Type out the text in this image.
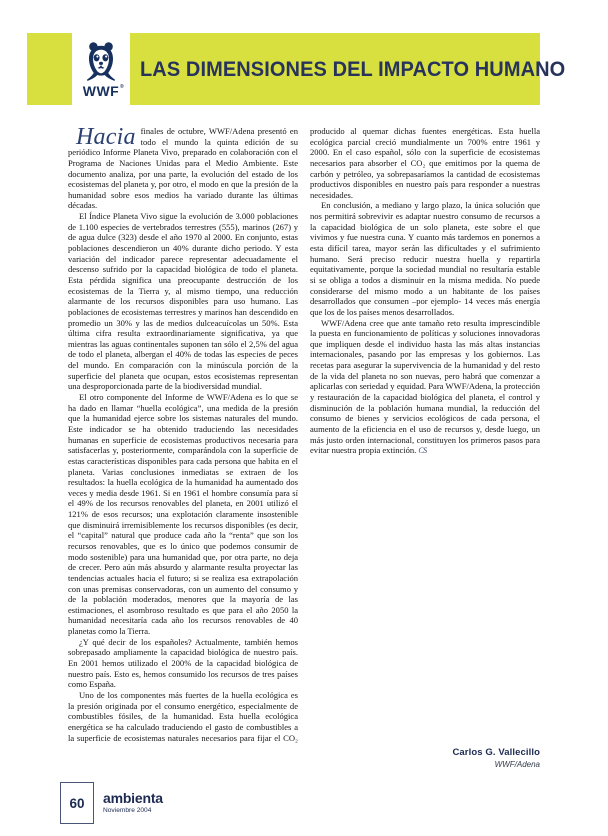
WWF ®
LAS DIMENSIONES DEL IMPACTO HUMANO

Hacia finales de octubre, WWF/Adena presentó en todo el mundo la quinta edición de su periódico Informe Planeta Vivo, preparado en colaboración con el Programa de Naciones Unidas para el Medio Ambiente. Este documento analiza, por una parte, la evolución del estado de los ecosistemas del planeta y, por otro, el modo en que la presión de la humanidad sobre esos medios ha variado durante las últimas décadas.

El Índice Planeta Vivo sigue la evolución de 3.000 poblaciones de 1.100 especies de vertebrados terrestres (555), marinos (267) y de agua dulce (323) desde el año 1970 al 2000. En conjunto, estas poblaciones descendieron un 40% durante dicho periodo. Y esta variación del indicador parece representar adecuadamente el descenso sufrido por la capacidad biológica de todo el planeta. Esta pérdida significa una preocupante destrucción de los ecosistemas de la Tierra y, al mismo tiempo, una reducción alarmante de los recursos disponibles para uso humano. Las poblaciones de ecosistemas terrestres y marinos han descendido en promedio un 30% y las de medios dulceacuícolas un 50%. Esta última cifra resulta extraordinariamente significativa, ya que mientras las aguas continentales suponen tan sólo el 2,5% del agua de todo el planeta, albergan el 40% de todas las especies de peces del mundo. En comparación con la minúscula porción de la superficie del planeta que ocupan, estos ecosistemas representan una desproporcionada parte de la biodiversidad mundial.

El otro componente del Informe de WWF/Adena es lo que se ha dado en llamar “huella ecológica”, una medida de la presión que la humanidad ejerce sobre los sistemas naturales del mundo. Este indicador se ha obtenido traduciendo las necesidades humanas en superficie de ecosistemas productivos necesaria para satisfacerlas y, posteriormente, comparándola con la superficie de estas características disponibles para cada persona que habita en el planeta. Varias conclusiones inmediatas se extraen de los resultados: la huella ecológica de la humanidad ha aumentado dos veces y media desde 1961. Si en 1961 el hombre consumía para sí el 49% de los recursos renovables del planeta, en 2001 utilizó el 121% de esos recursos; una explotación claramente insostenible que disminuirá irremisiblemente los recursos disponibles (es decir, el “capital” natural que produce cada año la “renta” que son los recursos renovables, que es lo único que podemos consumir de modo sostenible) para una humanidad que, por otra parte, no deja de crecer. Pero aún más absurdo y alarmante resulta proyectar las tendencias actuales hacia el futuro; si se realiza esa extrapolación con unas premisas conservadoras, con un aumento del consumo y de la población moderados, menores que la mayoría de las estimaciones, el asombroso resultado es que para el año 2050 la humanidad necesitaría cada año los recursos renovables de 40 planetas como la Tierra.

¿Y qué decir de los españoles? Actualmente, también hemos sobrepasado ampliamente la capacidad biológica de nuestro país. En 2001 hemos utilizado el 200% de la capacidad biológica de nuestro país. Esto es, hemos consumido los recursos de tres países como España.

Uno de los componentes más fuertes de la huella ecológica es la presión originada por el consumo energético, especialmente de combustibles fósiles, de la humanidad. Esta huella ecológica energética se ha calculado traduciendo el gasto de combustibles a la superficie de ecosistemas naturales necesarios para fijar el CO₂ producido al quemar dichas fuentes energéticas. Esta huella ecológica parcial creció mundialmente un 700% entre 1961 y 2000. En el caso español, sólo con la superficie de ecosistemas necesarios para absorber el CO₂ que emitimos por la quema de carbón y petróleo, ya sobrepasaríamos la cantidad de ecosistemas productivos disponibles en nuestro país para responder a nuestras necesidades.

En conclusión, a mediano y largo plazo, la única solución que nos permitirá sobrevivir es adaptar nuestro consumo de recursos a la capacidad biológica de un solo planeta, este sobre el que vivimos y fue nuestra cuna. Y cuanto más tardemos en ponernos a esta difícil tarea, mayor serán las dificultades y el sufrimiento humano. Será preciso reducir nuestra huella y repartirla equitativamente, porque la sociedad mundial no resultaría estable si se obliga a todos a disminuir en la misma medida. No puede considerarse del mismo modo a un habitante de los países desarrollados que consumen –por ejemplo- 14 veces más energía que los de los países menos desarrollados.

WWF/Adena cree que ante tamaño reto resulta imprescindible la puesta en funcionamiento de políticas y soluciones innovadoras que impliquen desde el individuo hasta las más altas instancias internacionales, pasando por las empresas y los gobiernos. Las recetas para asegurar la supervivencia de la humanidad y del resto de la vida del planeta no son nuevas, pero habrá que comenzar a aplicarlas con seriedad y equidad. Para WWF/Adena, la protección y restauración de la capacidad biológica del planeta, el control y disminución de la población humana mundial, la reducción del consumo de bienes y servicios ecológicos de cada persona, el aumento de la eficiencia en el uso de recursos y, desde luego, un más justo orden internacional, constituyen los primeros pasos para evitar nuestra propia extinción. CS

Carlos G. Vallecillo
WWF/Adena
60	ambienta
Noviembre 2004
